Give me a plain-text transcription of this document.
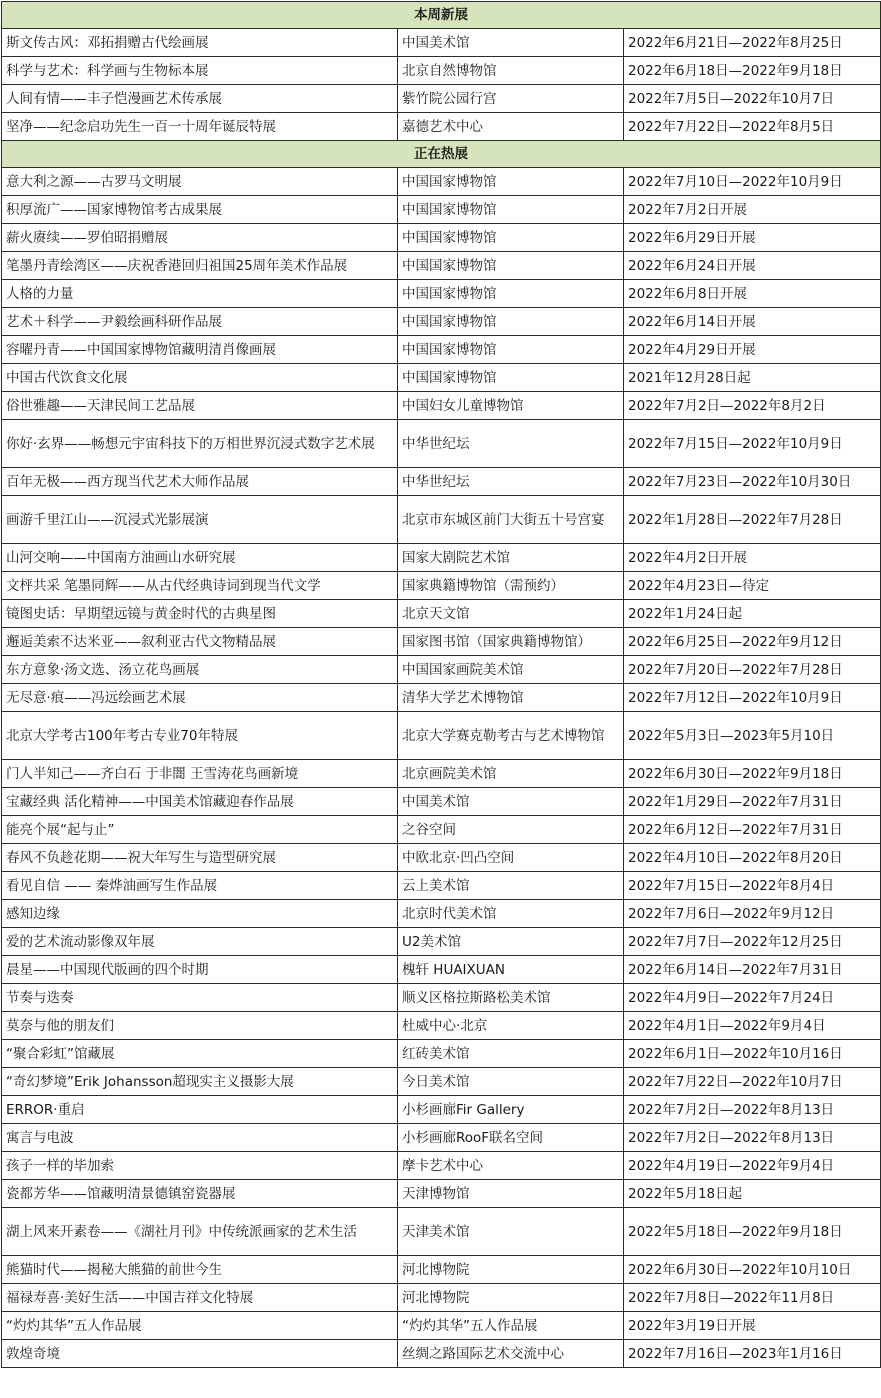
本周新展		
斯文传古风：邓拓捐赠古代绘画展	中国美术馆	2022年6月21日—2022年8月25日
科学与艺术：科学画与生物标本展	北京自然博物馆	2022年6月18日—2022年9月18日
人间有情——丰子恺漫画艺术传承展	紫竹院公园行宫	2022年7月5日—2022年10月7日
坚净——纪念启功先生一百一十周年诞辰特展	嘉德艺术中心	2022年7月22日—2022年8月5日
正在热展		
意大利之源——古罗马文明展	中国国家博物馆	2022年7月10日—2022年10月9日
积厚流广——国家博物馆考古成果展	中国国家博物馆	2022年7月2日开展
薪火赓续——罗伯昭捐赠展	中国国家博物馆	2022年6月29日开展
笔墨丹青绘湾区——庆祝香港回归祖国25周年美术作品展	中国国家博物馆	2022年6月24日开展
人格的力量	中国国家博物馆	2022年6月8日开展
艺术＋科学——尹毅绘画科研作品展	中国国家博物馆	2022年6月14日开展
容曜丹青——中国国家博物馆藏明清肖像画展	中国国家博物馆	2022年4月29日开展
中国古代饮食文化展	中国国家博物馆	2021年12月28日起
俗世雅趣——天津民间工艺品展	中国妇女儿童博物馆	2022年7月2日—2022年8月2日
你好·玄界——畅想元宇宙科技下的万相世界沉浸式数字艺术展	中华世纪坛	2022年7月15日—2022年10月9日
百年无极——西方现当代艺术大师作品展	中华世纪坛	2022年7月23日—2022年10月30日
画游千里江山——沉浸式光影展演	北京市东城区前门大街五十号宫宴	2022年1月28日—2022年7月28日
山河交响——中国南方油画山水研究展	国家大剧院艺术馆	2022年4月2日开展
文枰共采 笔墨同辉——从古代经典诗词到现当代文学	国家典籍博物馆（需预约）	2022年4月23日—待定
镜图史话：早期望远镜与黄金时代的古典星图	北京天文馆	2022年1月24日起
邂逅美索不达米亚——叙利亚古代文物精品展	国家图书馆（国家典籍博物馆）	2022年6月25日—2022年9月12日
东方意象·汤文选、汤立花鸟画展	中国国家画院美术馆	2022年7月20日—2022年7月28日
无尽意·痕——冯远绘画艺术展	清华大学艺术博物馆	2022年7月12日—2022年10月9日
北京大学考古100年考古专业70年特展	北京大学赛克勒考古与艺术博物馆	2022年5月3日—2023年5月10日
门人半知己——齐白石 于非闇 王雪涛花鸟画新境	北京画院美术馆	2022年6月30日—2022年9月18日
宝藏经典 活化精神——中国美术馆藏迎春作品展	中国美术馆	2022年1月29日—2022年7月31日
能亮个展“起与止”	之谷空间	2022年6月12日—2022年7月31日
春风不负趁花期——祝大年写生与造型研究展	中欧北京·凹凸空间	2022年4月10日—2022年8月20日
看见自信 —— 秦烨油画写生作品展	云上美术馆	2022年7月15日—2022年8月4日
感知边缘	北京时代美术馆	2022年7月6日—2022年9月12日
爱的艺术流动影像双年展	U2美术馆	2022年7月7日—2022年12月25日
晨星——中国现代版画的四个时期	槐轩 HUAIXUAN	2022年6月14日—2022年7月31日
节奏与迭奏	顺义区格拉斯路松美术馆	2022年4月9日—2022年7月24日
莫奈与他的朋友们	杜威中心·北京	2022年4月1日—2022年9月4日
“聚合彩虹”馆藏展	红砖美术馆	2022年6月1日—2022年10月16日
“奇幻梦境”Erik Johansson超现实主义摄影大展	今日美术馆	2022年7月22日—2022年10月7日
ERROR·重启	小杉画廊Fir Gallery	2022年7月2日—2022年8月13日
寓言与电波	小杉画廊RooF联名空间	2022年7月2日—2022年8月13日
孩子一样的毕加索	摩卡艺术中心	2022年4月19日—2022年9月4日
瓷都芳华——馆藏明清景德镇窑瓷器展	天津博物馆	2022年5月18日起
湖上风来开素卷——《湖社月刊》中传统派画家的艺术生活	天津美术馆	2022年5月18日—2022年9月18日
熊猫时代——揭秘大熊猫的前世今生	河北博物院	2022年6月30日—2022年10月10日
福禄寿喜·美好生活——中国吉祥文化特展	河北博物院	2022年7月8日—2022年11月8日
“灼灼其华”五人作品展	“灼灼其华”五人作品展	2022年3月19日开展
敦煌奇境	丝绸之路国际艺术交流中心	2022年7月16日—2023年1月16日
